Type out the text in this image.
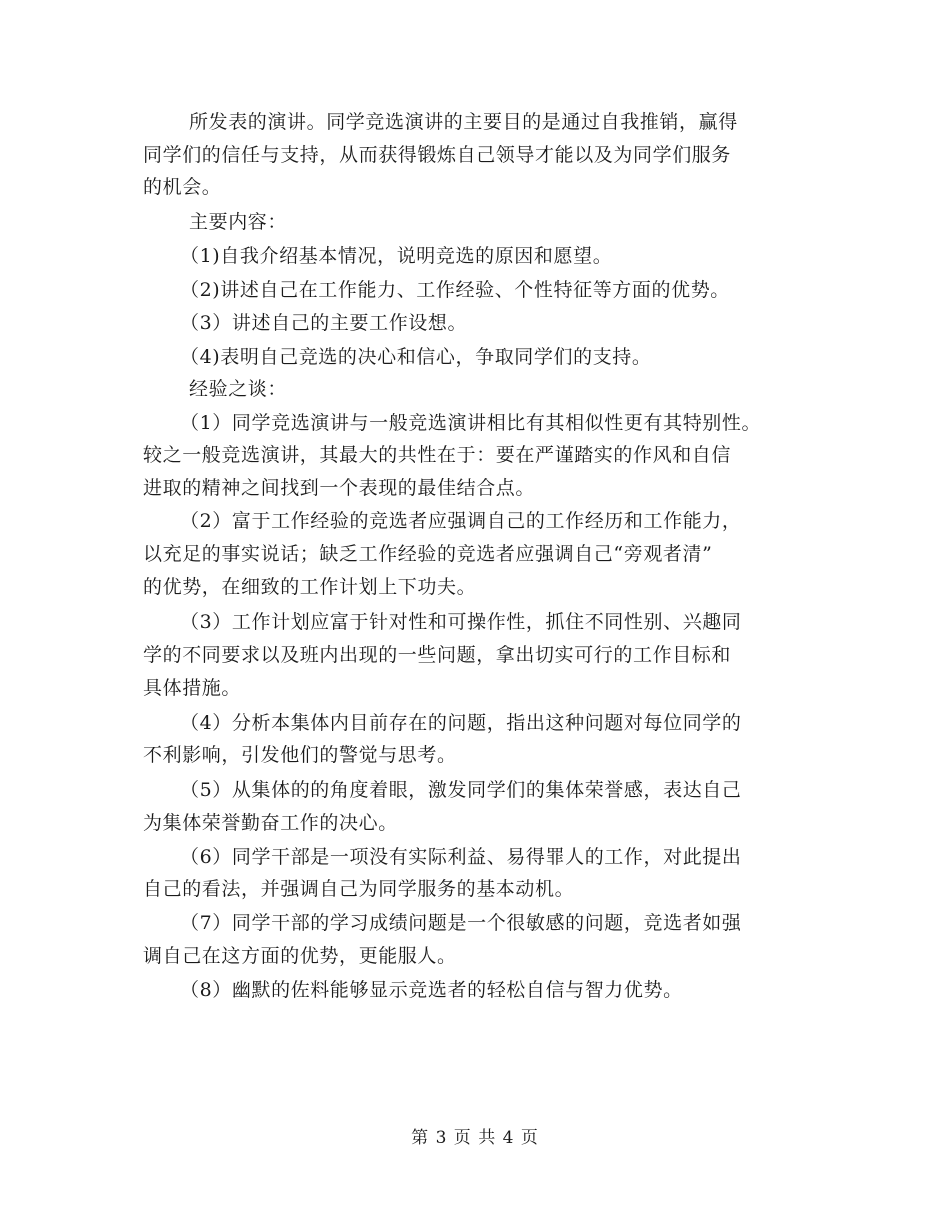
所发表的演讲。同学竞选演讲的主要目的是通过自我推销，赢得
同学们的信任与支持，从而获得锻炼自己领导才能以及为同学们服务
的机会。
主要内容：
（1)自我介绍基本情况，说明竞选的原因和愿望。
（2)讲述自己在工作能力、工作经验、个性特征等方面的优势。
（3）讲述自己的主要工作设想。
（4)表明自己竞选的决心和信心，争取同学们的支持。
经验之谈：
（1）同学竞选演讲与一般竞选演讲相比有其相似性更有其特别性。
较之一般竞选演讲，其最大的共性在于：要在严谨踏实的作风和自信
进取的精神之间找到一个表现的最佳结合点。
（2）富于工作经验的竞选者应强调自己的工作经历和工作能力，
以充足的事实说话；缺乏工作经验的竞选者应强调自己“旁观者清”
的优势，在细致的工作计划上下功夫。
（3）工作计划应富于针对性和可操作性，抓住不同性别、兴趣同
学的不同要求以及班内出现的一些问题，拿出切实可行的工作目标和
具体措施。
（4）分析本集体内目前存在的问题，指出这种问题对每位同学的
不利影响，引发他们的警觉与思考。
（5）从集体的的角度着眼，激发同学们的集体荣誉感，表达自己
为集体荣誉勤奋工作的决心。
（6）同学干部是一项没有实际利益、易得罪人的工作，对此提出
自己的看法，并强调自己为同学服务的基本动机。
（7）同学干部的学习成绩问题是一个很敏感的问题，竞选者如强
调自己在这方面的优势，更能服人。
（8）幽默的佐料能够显示竞选者的轻松自信与智力优势。
第 3 页 共 4 页
